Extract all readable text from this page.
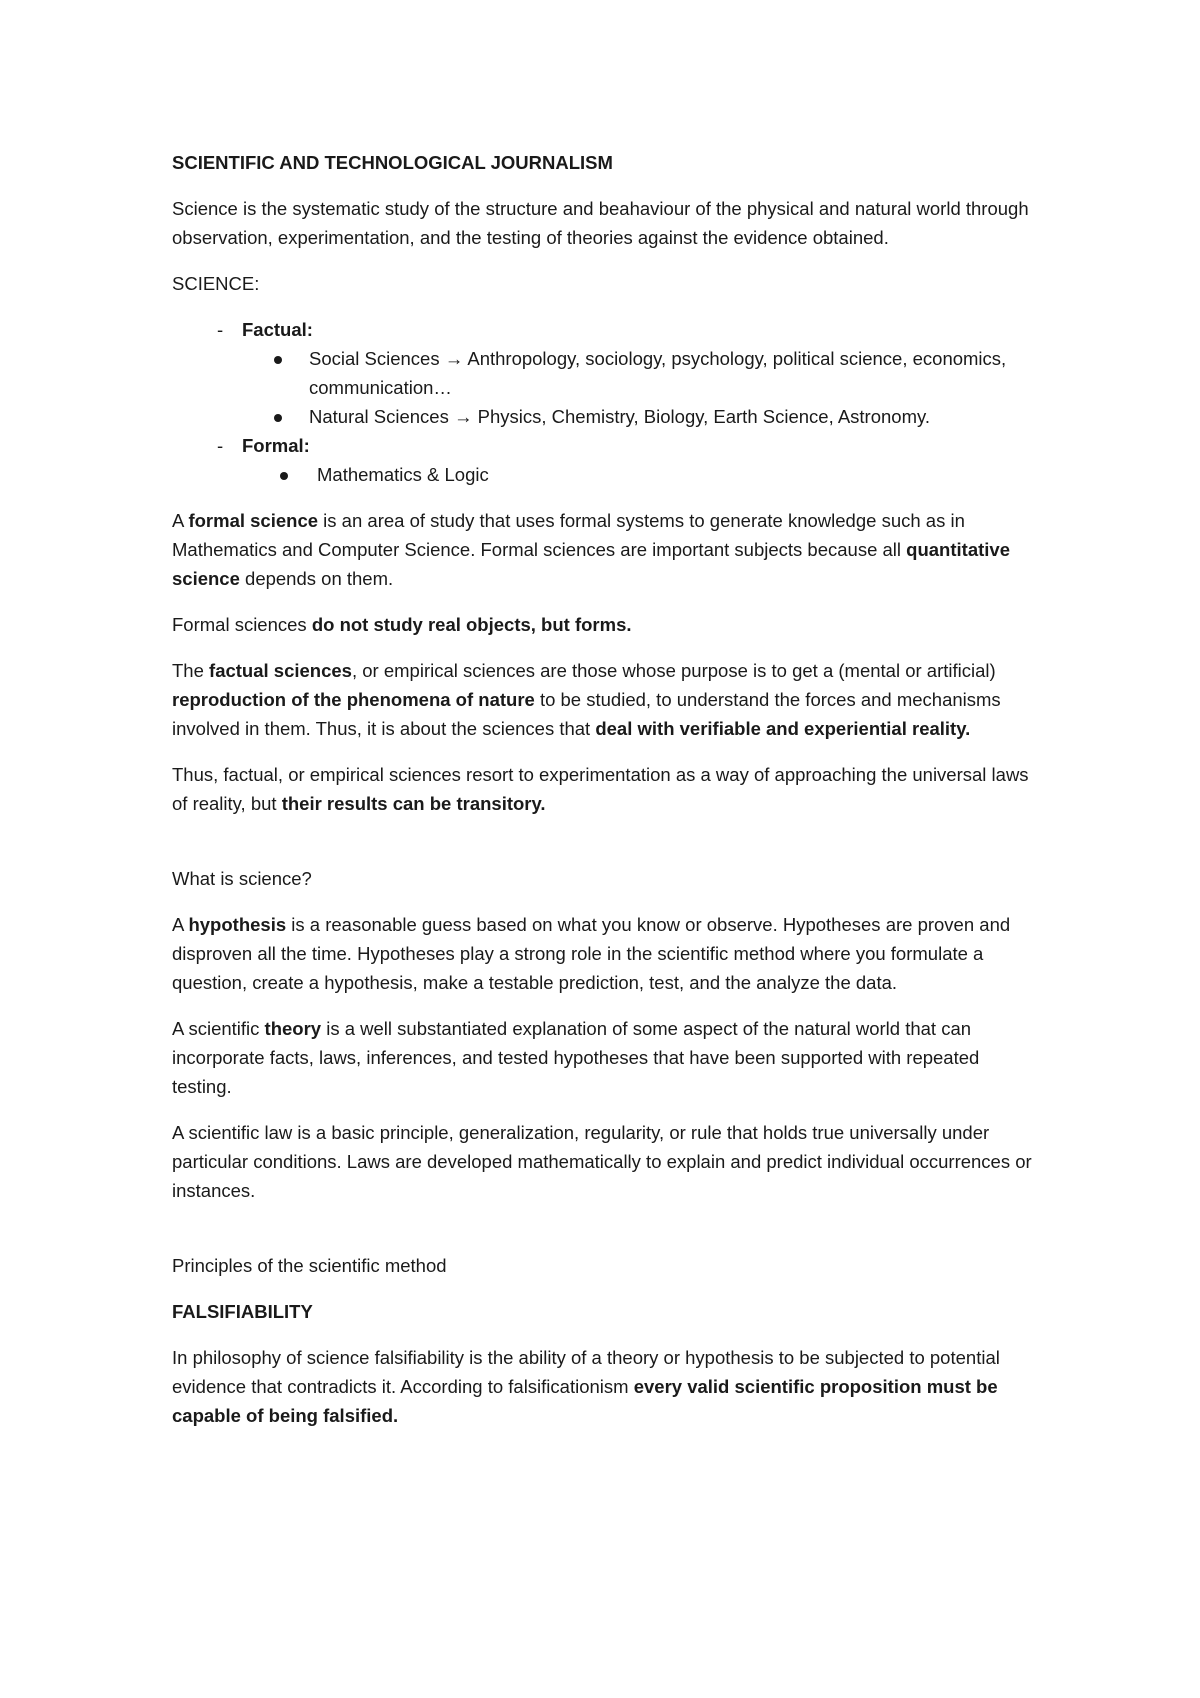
SCIENTIFIC AND TECHNOLOGICAL JOURNALISM

Science is the systematic study of the structure and beahaviour of the physical and natural world through observation, experimentation, and the testing of theories against the evidence obtained.

SCIENCE:

- Factual:
Social Sciences → Anthropology, sociology, psychology, political science, economics, communication…
Natural Sciences → Physics, Chemistry, Biology, Earth Science, Astronomy.
- Formal:
Mathematics & Logic

A formal science is an area of study that uses formal systems to generate knowledge such as in Mathematics and Computer Science. Formal sciences are important subjects because all quantitative science depends on them.

Formal sciences do not study real objects, but forms.

The factual sciences, or empirical sciences are those whose purpose is to get a (mental or artificial) reproduction of the phenomena of nature to be studied, to understand the forces and mechanisms involved in them. Thus, it is about the sciences that deal with verifiable and experiential reality.

Thus, factual, or empirical sciences resort to experimentation as a way of approaching the universal laws of reality, but their results can be transitory.

What is science?

A hypothesis is a reasonable guess based on what you know or observe. Hypotheses are proven and disproven all the time. Hypotheses play a strong role in the scientific method where you formulate a question, create a hypothesis, make a testable prediction, test, and the analyze the data.

A scientific theory is a well substantiated explanation of some aspect of the natural world that can incorporate facts, laws, inferences, and tested hypotheses that have been supported with repeated testing.

A scientific law is a basic principle, generalization, regularity, or rule that holds true universally under particular conditions. Laws are developed mathematically to explain and predict individual occurrences or instances.

Principles of the scientific method

FALSIFIABILITY

In philosophy of science falsifiability is the ability of a theory or hypothesis to be subjected to potential evidence that contradicts it. According to falsificationism every valid scientific proposition must be capable of being falsified.
